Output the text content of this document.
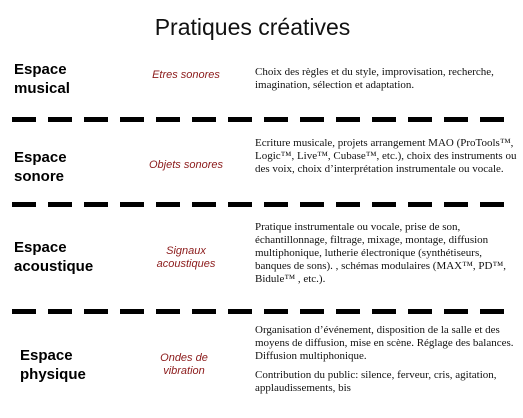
Pratiques créatives
Espace
musical
Etres sonores	Choix des règles et du style, improvisation, recherche, imagination, sélection et adaptation.

Espace
sonore
Objets sonores

Ecriture musicale, projets arrangement MAO (ProTools™, Logic™, Live™, Cubase™, etc.), choix des instruments ou des voix, choix d’interprétation instrumentale ou vocale.

Espace
acoustique
Signaux
acoustiques

Pratique instrumentale ou vocale, prise de son, échantillonnage, filtrage, mixage, montage, diffusion multiphonique, lutherie électronique (synthétiseurs, banques de sons). , schémas modulaires (MAX™, PD™, Bidule™ , etc.).

Espace
physique
Ondes de
vibration

Organisation d’événement, disposition de la salle et des moyens de diffusion, mise en scène. Réglage des balances. Diffusion multiphonique.

Contribution du public: silence, ferveur, cris, agitation, applaudissements, bis
